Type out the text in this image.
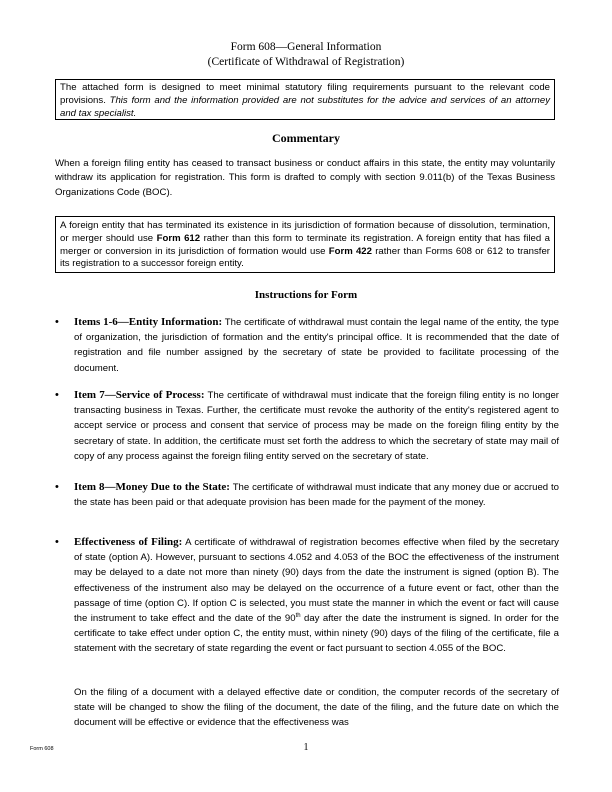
Form 608—General Information
(Certificate of Withdrawal of Registration)
The attached form is designed to meet minimal statutory filing requirements pursuant to the relevant code provisions. This form and the information provided are not substitutes for the advice and services of an attorney and tax specialist.
Commentary
When a foreign filing entity has ceased to transact business or conduct affairs in this state, the entity may voluntarily withdraw its application for registration. This form is drafted to comply with section 9.011(b) of the Texas Business Organizations Code (BOC).
A foreign entity that has terminated its existence in its jurisdiction of formation because of dissolution, termination, or merger should use Form 612 rather than this form to terminate its registration. A foreign entity that has filed a merger or conversion in its jurisdiction of formation would use Form 422 rather than Forms 608 or 612 to transfer its registration to a successor foreign entity.
Instructions for Form
• Items 1-6—Entity Information: The certificate of withdrawal must contain the legal name of the entity, the type of organization, the jurisdiction of formation and the entity's principal office. It is recommended that the date of registration and file number assigned by the secretary of state be provided to facilitate processing of the document.
• Item 7—Service of Process: The certificate of withdrawal must indicate that the foreign filing entity is no longer transacting business in Texas. Further, the certificate must revoke the authority of the entity's registered agent to accept service or process and consent that service of process may be made on the foreign filing entity by the secretary of state. In addition, the certificate must set forth the address to which the secretary of state may mail of copy of any process against the foreign filing entity served on the secretary of state.
• Item 8—Money Due to the State: The certificate of withdrawal must indicate that any money due or accrued to the state has been paid or that adequate provision has been made for the payment of the money.
• Effectiveness of Filing: A certificate of withdrawal of registration becomes effective when filed by the secretary of state (option A). However, pursuant to sections 4.052 and 4.053 of the BOC the effectiveness of the instrument may be delayed to a date not more than ninety (90) days from the date the instrument is signed (option B). The effectiveness of the instrument also may be delayed on the occurrence of a future event or fact, other than the passage of time (option C). If option C is selected, you must state the manner in which the event or fact will cause the instrument to take effect and the date of the 90th day after the date the instrument is signed. In order for the certificate to take effect under option C, the entity must, within ninety (90) days of the filing of the certificate, file a statement with the secretary of state regarding the event or fact pursuant to section 4.055 of the BOC.
On the filing of a document with a delayed effective date or condition, the computer records of the secretary of state will be changed to show the filing of the document, the date of the filing, and the future date on which the document will be effective or evidence that the effectiveness was
Form 608	1
